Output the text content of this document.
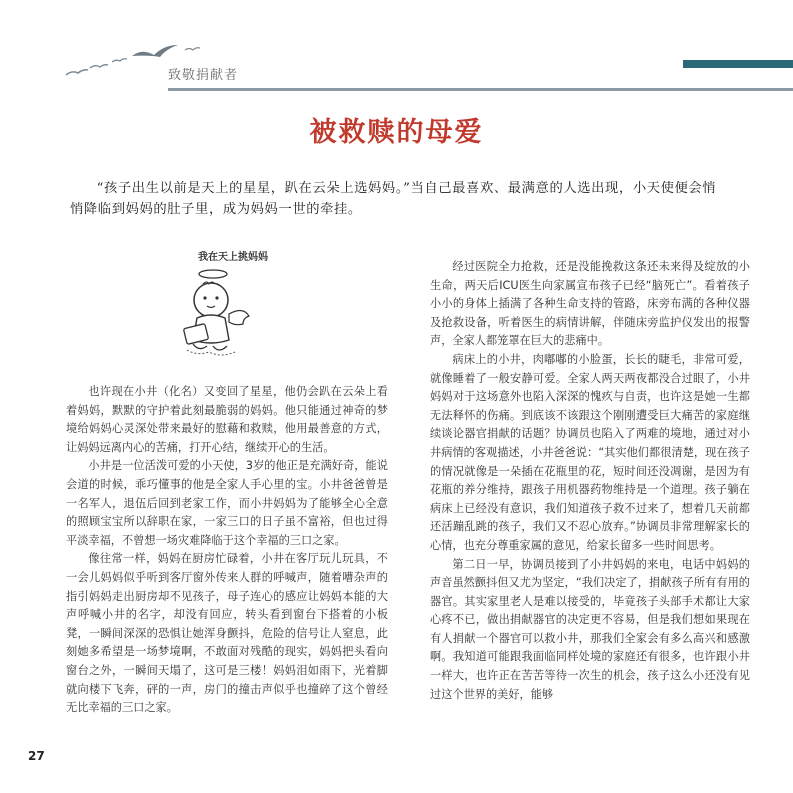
致敬捐献者
被救赎的母爱

“孩子出生以前是天上的星星，趴在云朵上选妈妈。”当自己最喜欢、最满意的人选出现，小天使便会悄悄降临到妈妈的肚子里，成为妈妈一世的牵挂。

我在天上挑妈妈

也许现在小井（化名）又变回了星星，他仍会趴在云朵上看着妈妈，默默的守护着此刻最脆弱的妈妈。他只能通过神奇的梦境给妈妈心灵深处带来最好的慰藉和救赎，他用最善意的方式，让妈妈远离内心的苦痛，打开心结，继续开心的生活。

小井是一位活泼可爱的小天使，3岁的他正是充满好奇，能说会道的时候，乖巧懂事的他是全家人手心里的宝。小井爸爸曾是一名军人，退伍后回到老家工作，而小井妈妈为了能够全心全意的照顾宝宝所以辞职在家，一家三口的日子虽不富裕，但也过得平淡幸福，不曾想一场灾难降临于这个幸福的三口之家。

像往常一样，妈妈在厨房忙碌着，小井在客厅玩儿玩具，不一会儿妈妈似乎听到客厅窗外传来人群的呼喊声，随着嘈杂声的指引妈妈走出厨房却不见孩子，母子连心的感应让妈妈本能的大声呼喊小井的名字，却没有回应，转头看到窗台下搭着的小板凳，一瞬间深深的恐惧让她浑身颤抖，危险的信号让人窒息，此刻她多希望是一场梦境啊，不敢面对残酷的现实，妈妈把头看向窗台之外，一瞬间天塌了，这可是三楼！妈妈泪如雨下，光着脚就向楼下飞奔，砰的一声，房门的撞击声似乎也撞碎了这个曾经无比幸福的三口之家。

经过医院全力抢救，还是没能挽救这条还未来得及绽放的小生命，两天后ICU医生向家属宣布孩子已经“脑死亡”。看着孩子小小的身体上插满了各种生命支持的管路，床旁布满的各种仪器及抢救设备，听着医生的病情讲解，伴随床旁监护仪发出的报警声，全家人都笼罩在巨大的悲痛中。

病床上的小井，肉嘟嘟的小脸蛋，长长的睫毛，非常可爱，就像睡着了一般安静可爱。全家人两天两夜都没合过眼了，小井妈妈对于这场意外也陷入深深的愧疚与自责，也许这是她一生都无法释怀的伤痛。到底该不该跟这个刚刚遭受巨大痛苦的家庭继续谈论器官捐献的话题？协调员也陷入了两难的境地，通过对小井病情的客观描述，小井爸爸说：“其实他们都很清楚，现在孩子的情况就像是一朵插在花瓶里的花，短时间还没凋谢，是因为有花瓶的养分维持，跟孩子用机器药物维持是一个道理。孩子躺在病床上已经没有意识，我们知道孩子救不过来了，想着几天前都还活蹦乱跳的孩子，我们又不忍心放弃。”协调员非常理解家长的心情，也充分尊重家属的意见，给家长留多一些时间思考。

第二日一早，协调员接到了小井妈妈的来电，电话中妈妈的声音虽然颤抖但又尤为坚定，“我们决定了，捐献孩子所有有用的器官。其实家里老人是难以接受的，毕竟孩子头部手术都让大家心疼不已，做出捐献器官的决定更不容易，但是我们想如果现在有人捐献一个器官可以救小井，那我们全家会有多么高兴和感激啊。我知道可能跟我面临同样处境的家庭还有很多，也许跟小井一样大，也许正在苦苦等待一次生的机会，孩子这么小还没有见过这个世界的美好，能够

27
